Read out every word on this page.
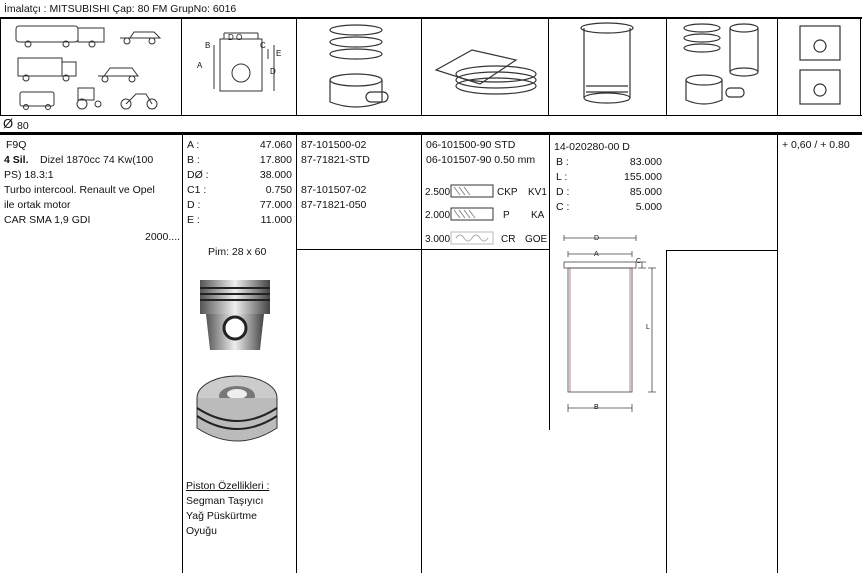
İmalatçı : MITSUBISHI Çap: 80 FM GrupNo: 6016
Ø 80
D O
B	C
E
A
D
F9Q
4 Sil. Dizel 1870cc 74 Kw(100
PS) 18.3:1
Turbo intercool. Renault ve Opel
ile ortak motor
CAR SMA 1,9 GDI
2000....
A :	47.060
B :	17.800
DØ :	38.000
C1 :	0.750
D :	77.000
E :	11.000
Pim: 28 x 60
Piston Özellikleri :
Segman Taşıyıcı
Yağ Püskürtme
Oyuğu
87-101500-02
87-71821-STD
87-101507-02
87-71821-050
06-101500-90 STD
06-101507-90 0.50 mm
2.500	CKP KV1
2.000	P KA
3.000	CR GOE
14-020280-00 D
B :	83.000
L :	155.000
D :	85.000
C :	5.000
D
A
C
L
B
+ 0,60 / + 0.80
